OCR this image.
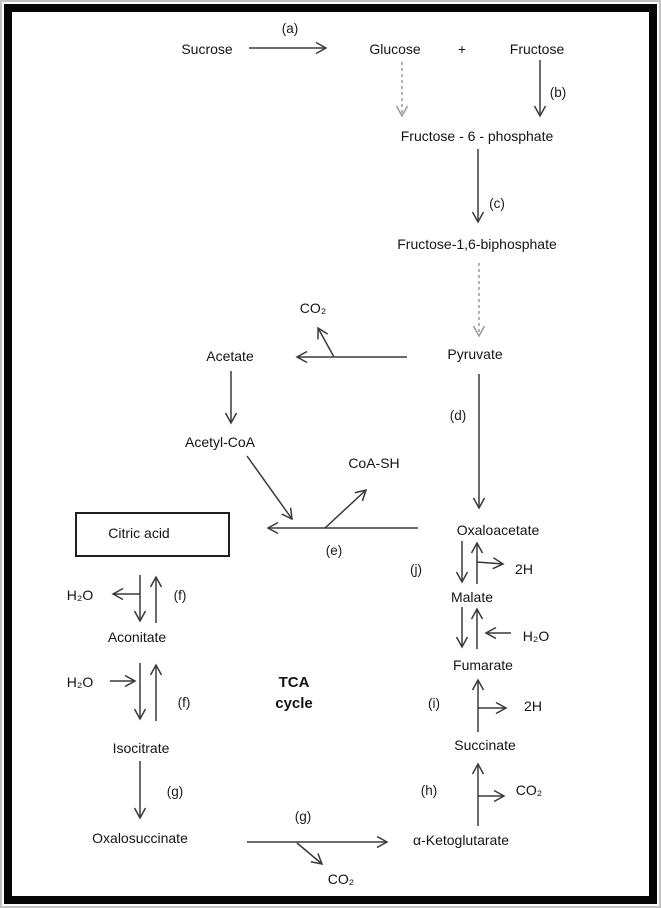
Sucrose	Glucose	+	Fructose
Fructose - 6 - phosphate
Fructose-1,6-biphosphate
Pyruvate
Acetate
Acetyl-CoA
Citric acid
Aconitate
Isocitrate
Oxalosuccinate	α-Ketoglutarate
Succinate
Fumarate
Malate
Oxaloacetate
CoA-SH
CO₂
CO₂
CO₂
H₂O
H₂O
H₂O
2H
2H
(a)
(b)
(c)
(d)
(e)
(f)
(f)
(g)
(g)
(h)
(i)
(j)
TCA
cycle
